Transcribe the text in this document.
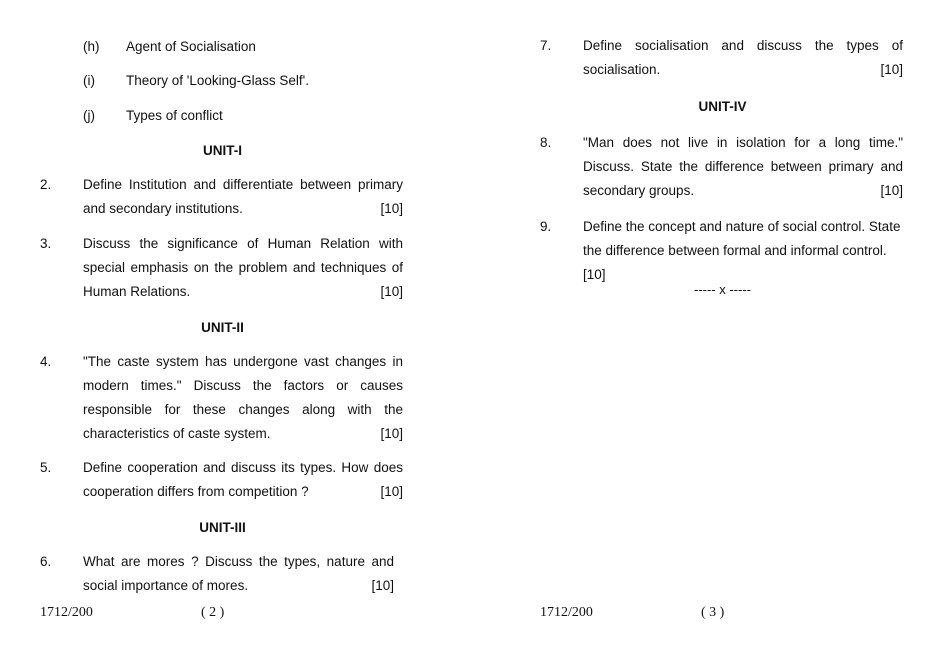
(h) Agent of Socialisation
(i) Theory of 'Looking-Glass Self'.
(j) Types of conflict
UNIT-I
2. Define Institution and differentiate between primary and secondary institutions.	[10]
3. Discuss the significance of Human Relation with special emphasis on the problem and techniques of Human Relations.	[10]
UNIT-II
4. "The caste system has undergone vast changes in modern times." Discuss the factors or causes responsible for these changes along with the characteristics of caste system.	[10]
5. Define cooperation and discuss its types. How does cooperation differs from competition ?	[10]
UNIT-III
6. What are mores ? Discuss the types, nature and social importance of mores.	[10]
1712/200	( 2 )
7. Define socialisation and discuss the types of socialisation.	[10]
UNIT-IV
8. "Man does not live in isolation for a long time." Discuss. State the difference between primary and secondary groups.	[10]
9. Define the concept and nature of social control. State the difference between formal and informal control.[10]
----- x -----
1712/200	( 3 )
